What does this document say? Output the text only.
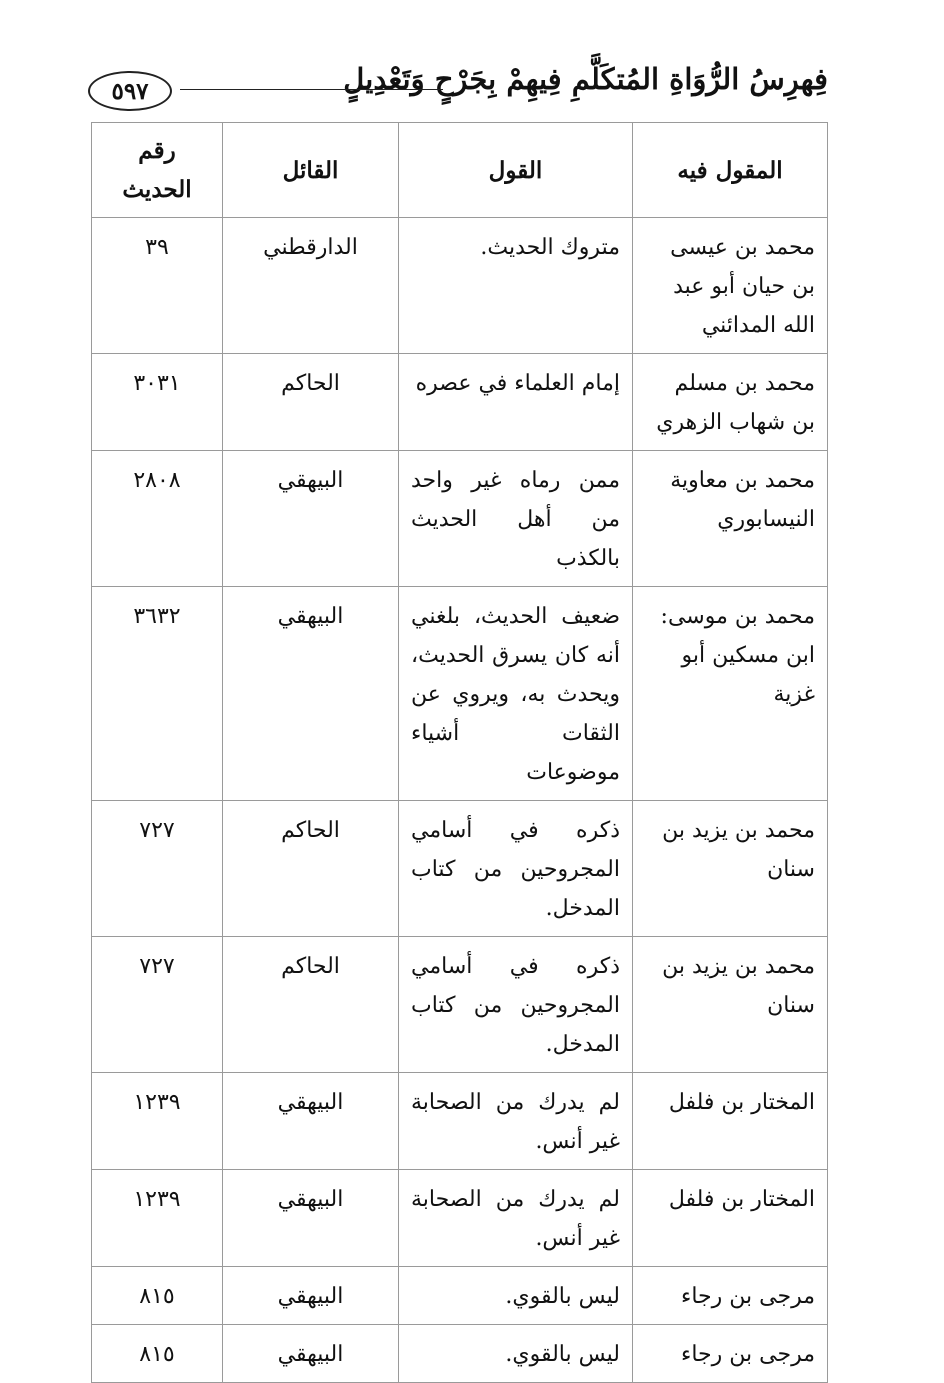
فِهرِسُ الرُّوَاةِ المُتكَلَّمِ فِيهِمْ بِجَرْحٍ وَتَعْدِيلٍ
٥٩٧
المقول فيه	القول	القائل	رقم الحديث
محمد بن عيسى بن حيان أبو عبد الله المدائني	متروك الحديث.	الدارقطني	٣٩
محمد بن مسلم بن شهاب الزهري	إمام العلماء في عصره	الحاكم	٣٠٣١
محمد بن معاوية النيسابوري	ممن رماه غير واحد من أهل الحديث بالكذب	البيهقي	٢٨٠٨
محمد بن موسى: ابن مسكين أبو غزية	ضعيف الحديث، بلغني أنه كان يسرق الحديث، ويحدث به، ويروي عن الثقات أشياء موضوعات	البيهقي	٣٦٣٢
محمد بن يزيد بن سنان	ذكره في أسامي المجروحين من كتاب المدخل.	الحاكم	٧٢٧
محمد بن يزيد بن سنان	ذكره في أسامي المجروحين من كتاب المدخل.	الحاكم	٧٢٧
المختار بن فلفل	لم يدرك من الصحابة غير أنس.	البيهقي	١٢٣٩
المختار بن فلفل	لم يدرك من الصحابة غير أنس.	البيهقي	١٢٣٩
مرجى بن رجاء	ليس بالقوي.	البيهقي	٨١٥
مرجى بن رجاء	ليس بالقوي.	البيهقي	٨١٥
